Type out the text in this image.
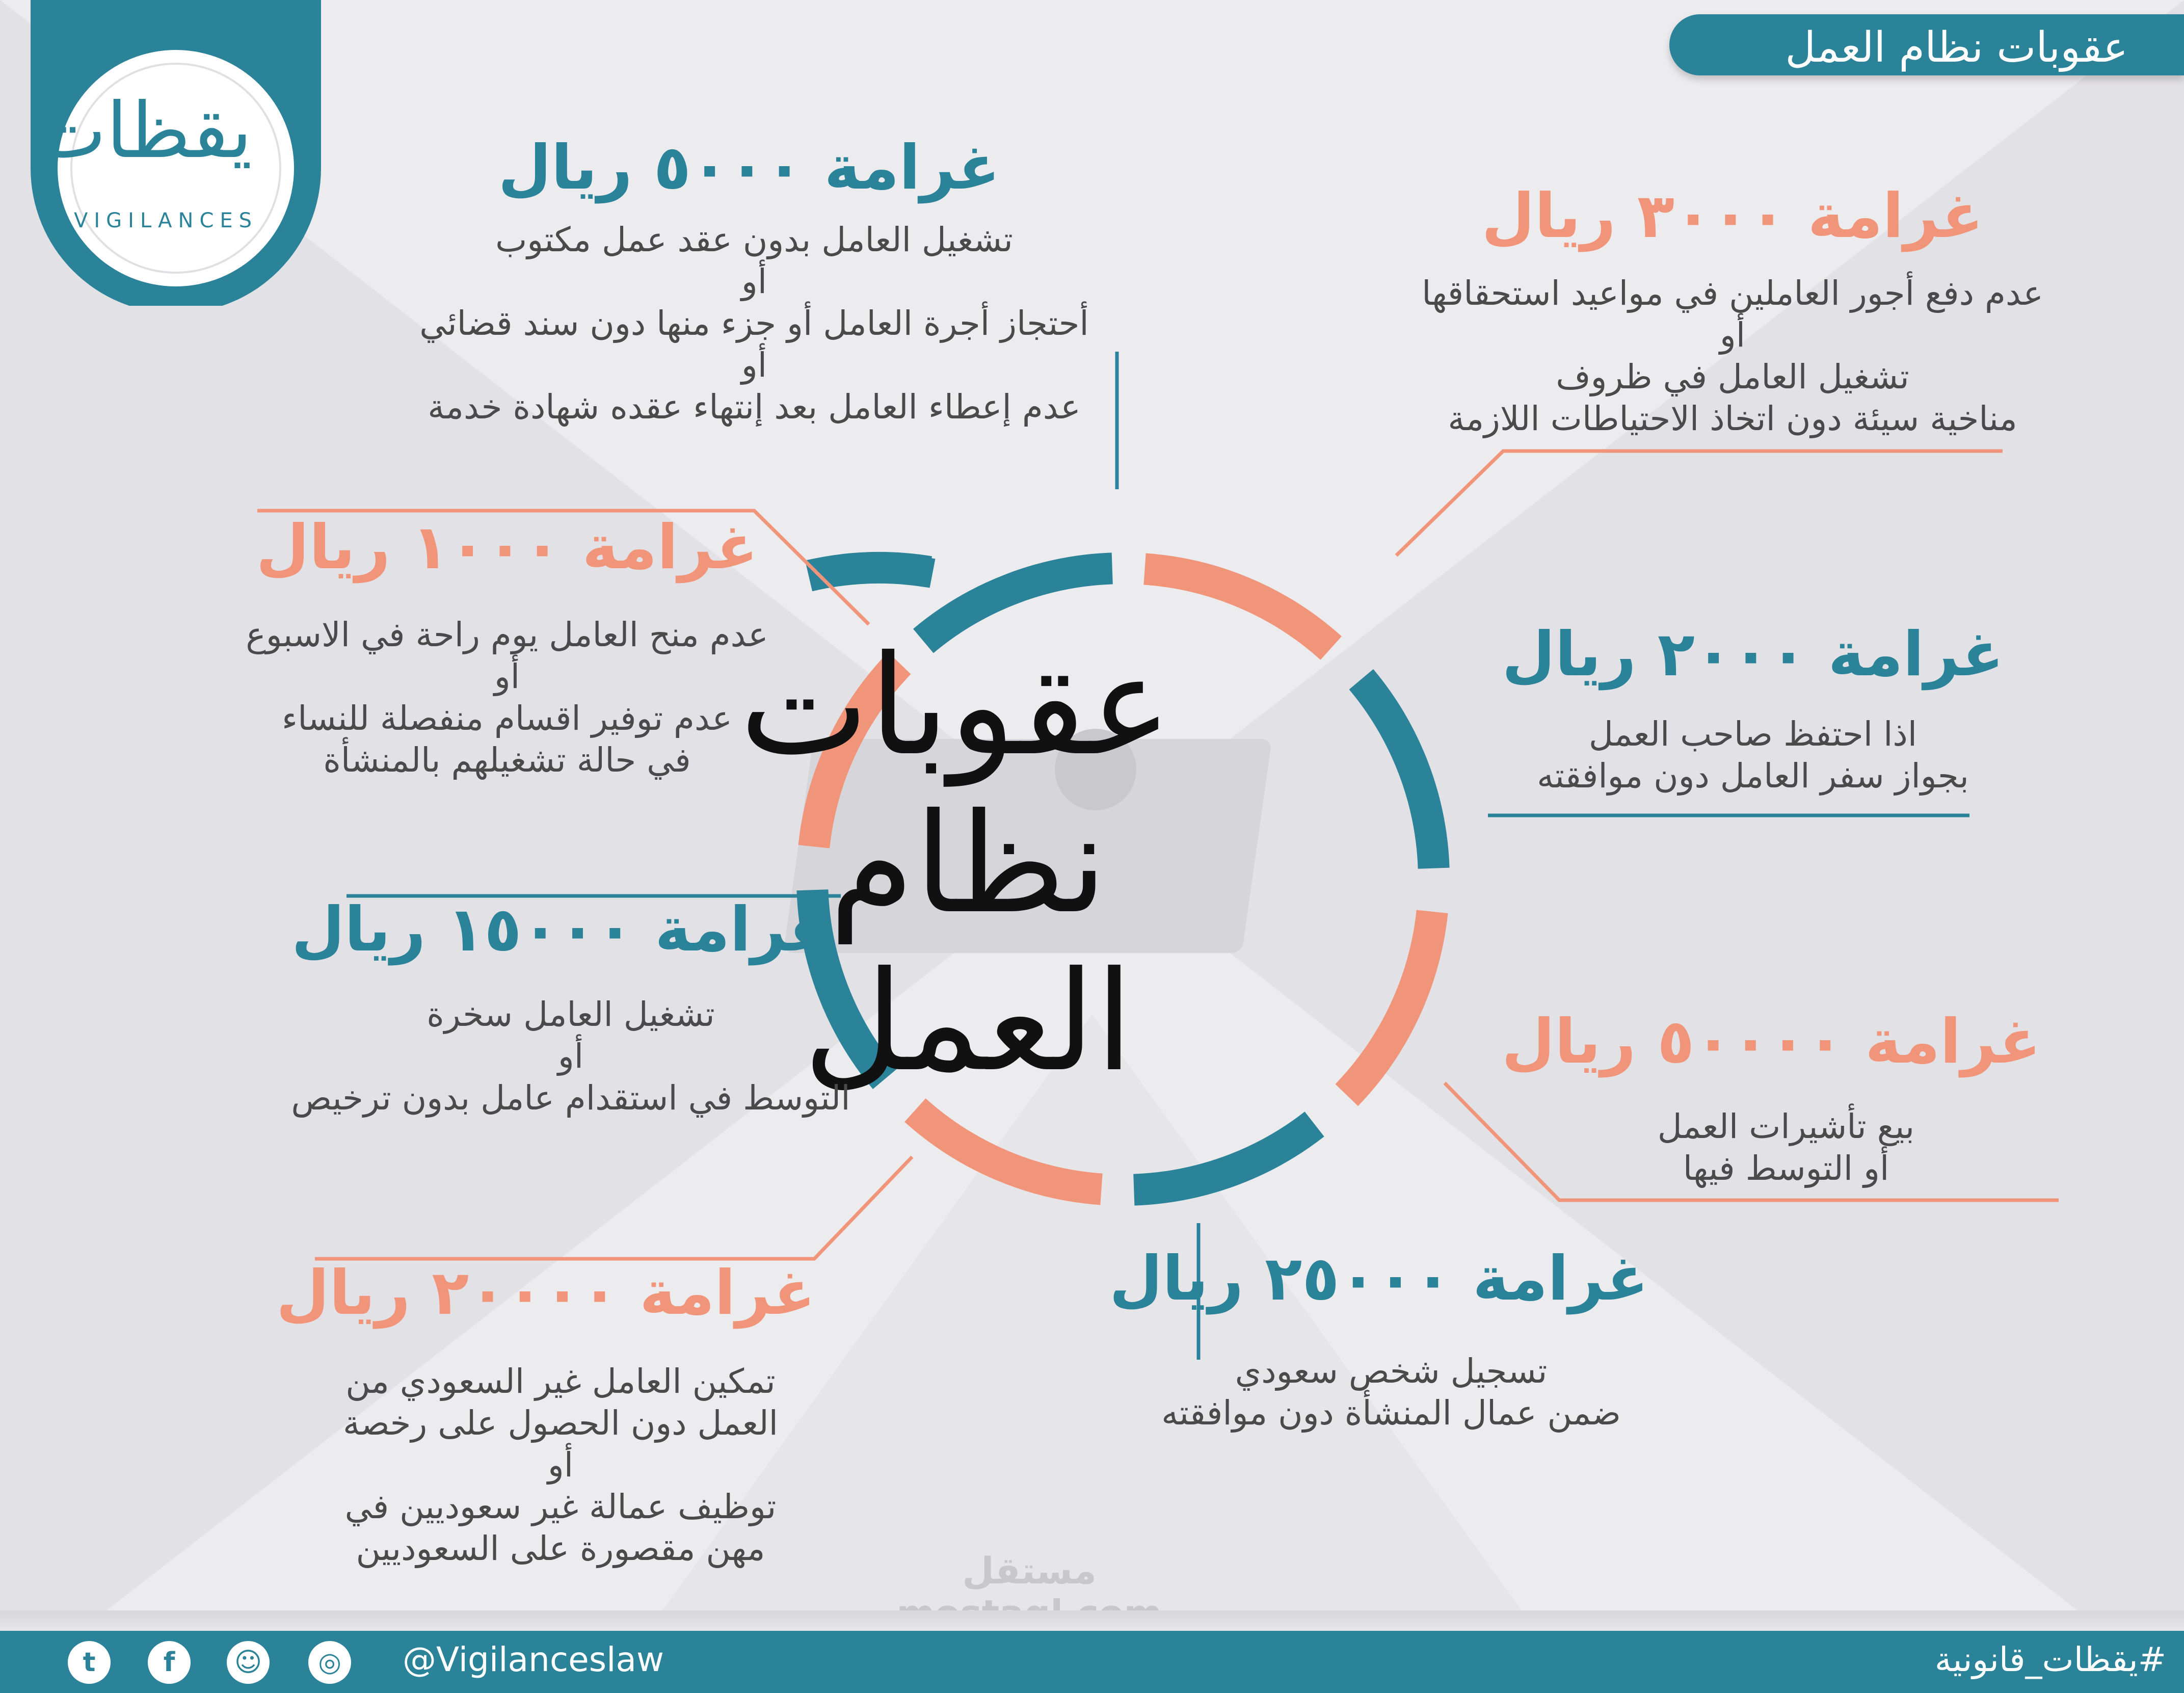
عقوبات نظام العمل
يقظات
VIGILANCES
عقوبات
نظام
العمل
غرامة ٥٠٠٠ ريال
تشغيل العامل بدون عقد عمل مكتوب
أو
أحتجاز أجرة العامل أو جزء منها دون سند قضائي
أو
عدم إعطاء العامل بعد إنتهاء عقده شهادة خدمة
غرامة ٣٠٠٠ ريال
عدم دفع أجور العاملين في مواعيد استحقاقها
أو
تشغيل العامل في ظروف
مناخية سيئة دون اتخاذ الاحتياطات اللازمة
غرامة ١٠٠٠ ريال
عدم منح العامل يوم راحة في الاسبوع
أو
عدم توفير اقسام منفصلة للنساء
في حالة تشغيلهم بالمنشأة
غرامة ٢٠٠٠ ريال
اذا احتفظ صاحب العمل
بجواز سفر العامل دون موافقته
غرامة ١٥٠٠٠ ريال
تشغيل العامل سخرة
أو
التوسط في استقدام عامل بدون ترخيص
غرامة ٥٠٠٠٠ ريال
بيع تأشيرات العمل
أو التوسط فيها
غرامة ٢٠٠٠٠ ريال
تمكين العامل غير السعودي من
العمل دون الحصول على رخصة
أو
توظيف عمالة غير سعوديين في
مهن مقصورة على السعوديين
غرامة ٢٥٠٠٠ ريال
تسجيل شخص سعودي
ضمن عمال المنشأة دون موافقته
مستقل
t	f	☺	◎ @Vigilanceslaw	#يقظات_قانونية
